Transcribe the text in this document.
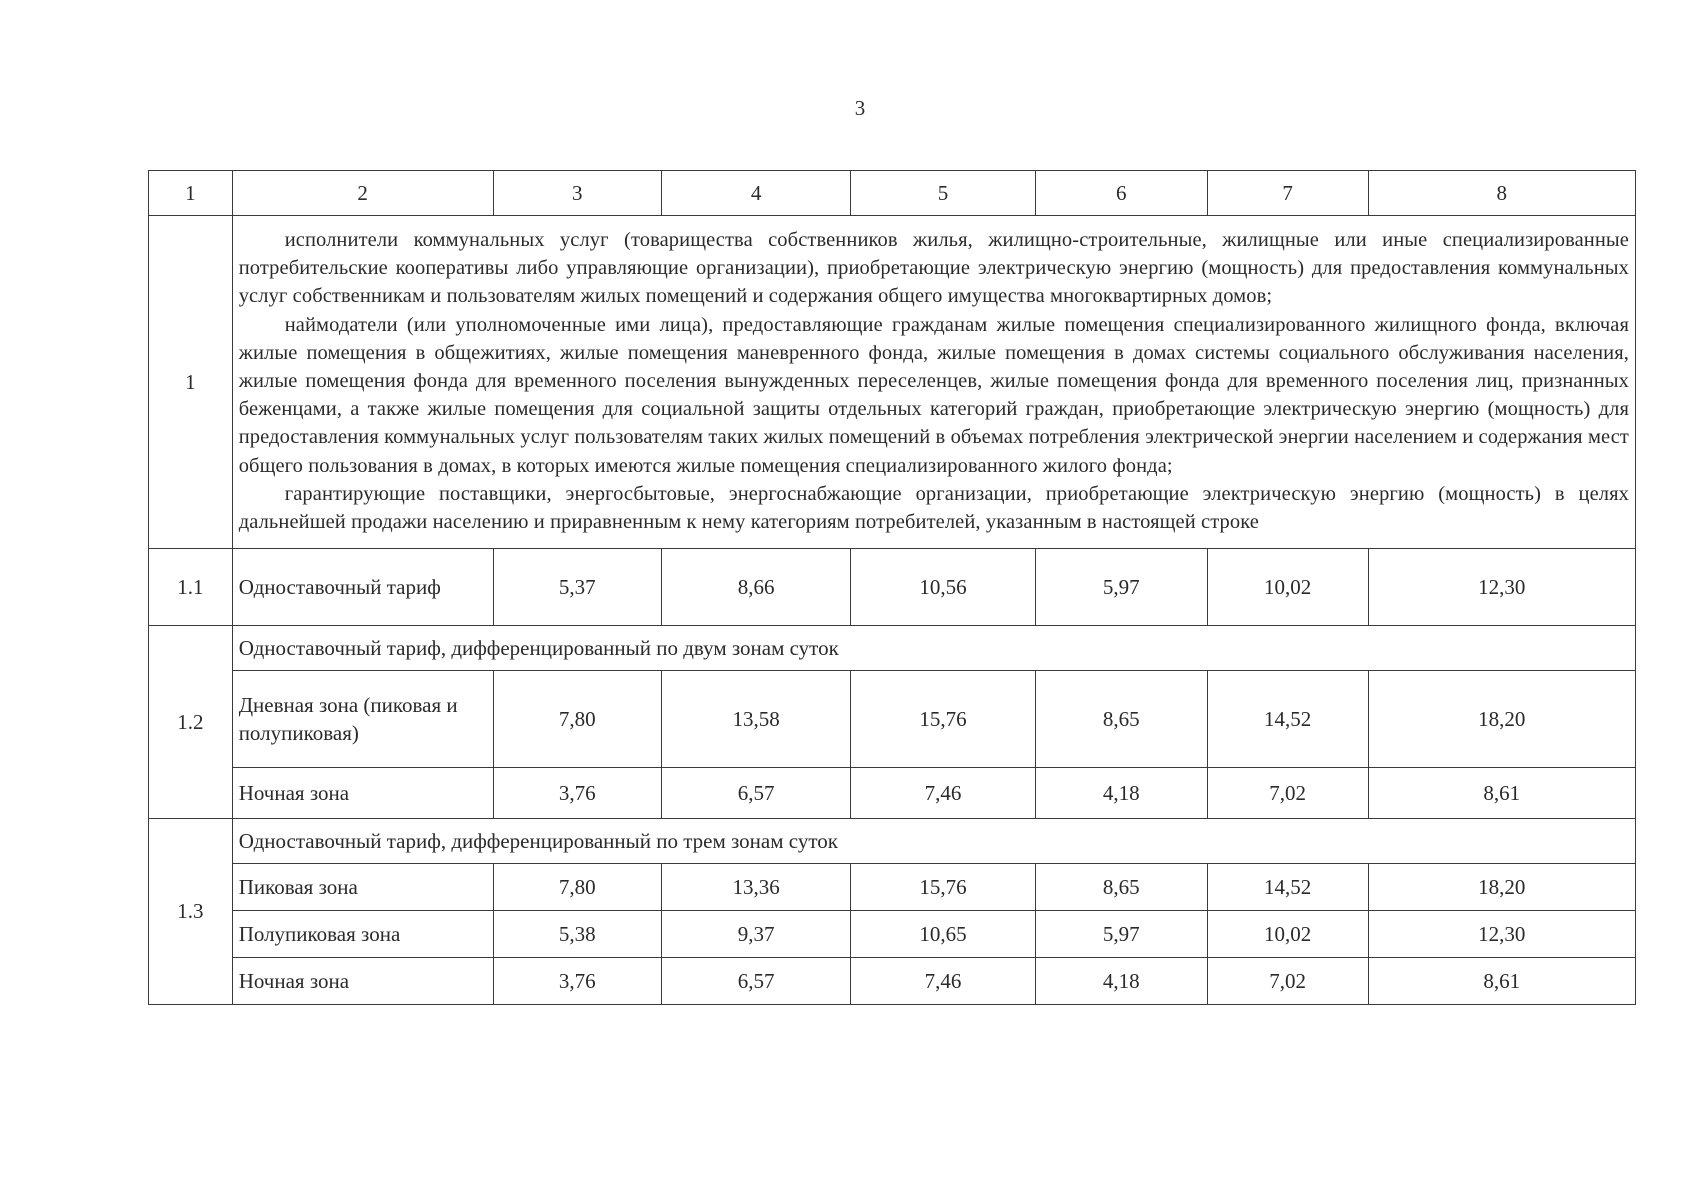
3
1	2	3	4	5	6	7	8
1	исполнители коммунальных услуг (товарищества собственников жилья, жилищно-строительные, жилищные или иные специализированные потребительские кооперативы либо управляющие организации), приобретающие электрическую энергию (мощность) для предоставления коммунальных услуг собственникам и пользователям жилых помещений и содержания общего имущества многоквартирных домов;

наймодатели (или уполномоченные ими лица), предоставляющие гражданам жилые помещения специализированного жилищного фонда, включая жилые помещения в общежитиях, жилые помещения маневренного фонда, жилые помещения в домах системы социального обслуживания населения, жилые помещения фонда для временного поселения вынужденных переселенцев, жилые помещения фонда для временного поселения лиц, признанных беженцами, а также жилые помещения для социальной защиты отдельных категорий граждан, приобретающие электрическую энергию (мощность) для предоставления коммунальных услуг пользователям таких жилых помещений в объемах потребления электрической энергии населением и содержания мест общего пользования в домах, в которых имеются жилые помещения специализированного жилого фонда;

гарантирующие поставщики, энергосбытовые, энергоснабжающие организации, приобретающие электрическую энергию (мощность) в целях дальнейшей продажи населению и приравненным к нему категориям потребителей, указанным в настоящей строке						

1.1	Одноставочный тариф	5,37	8,66	10,56	5,97	10,02	12,30
1.2	Одноставочный тариф, дифференцированный по двум зонам суток						
	Дневная зона (пиковая и полупиковая)	7,80	13,58	15,76	8,65	14,52	18,20
	Ночная зона	3,76	6,57	7,46	4,18	7,02	8,61
1.3	Одноставочный тариф, дифференцированный по трем зонам суток						
	Пиковая зона	7,80	13,36	15,76	8,65	14,52	18,20
	Полупиковая зона	5,38	9,37	10,65	5,97	10,02	12,30
	Ночная зона	3,76	6,57	7,46	4,18	7,02	8,61
